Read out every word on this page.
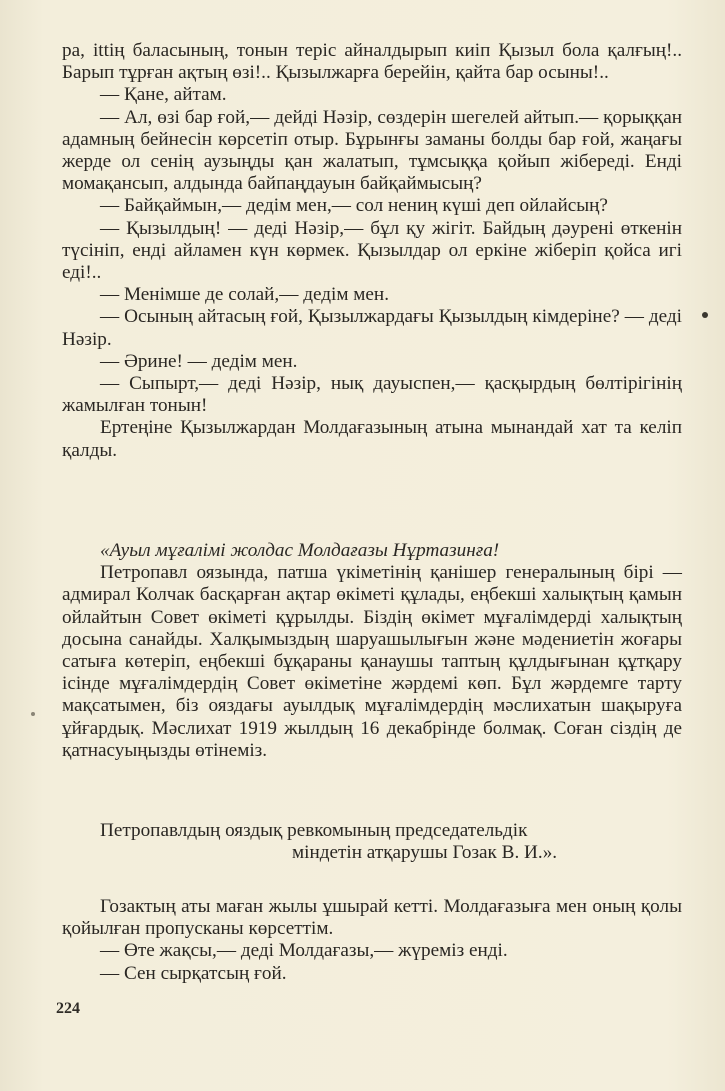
ра, ittiң баласының, тонын теріс айналдырып киіп Қызыл бола қалғың!.. Барып тұрған ақтың өзі!.. Қызылжарға берейін, қайта бар осыны!..

— Қане, айтам.

— Ал, өзі бар ғой,— дейді Нәзір, сөздерін шегелей айтып.— қорыққан адамның бейнесін көрсетіп отыр. Бұрынғы заманы болды бар ғой, жаңағы жерде ол сенің аузыңды қан жалатып, тұмсыққа қойып жібереді. Енді момақансып, алдында байпаңдауын байқаймысың?

— Байқаймын,— дедім мен,— сол нениң күші деп ойлайсың?

— Қызылдың! — деді Нәзір,— бұл қу жігіт. Байдың дәурені өткенін түсініп, енді айламен күн көрмек. Қызылдар ол еркіне жіберіп қойса игі еді!..

— Менімше де солай,— дедім мен.

— Осының айтасың ғой, Қызылжардағы Қызылдың кімдеріне? — деді Нәзір.

— Әрине! — дедім мен.

— Сыпырт,— деді Нәзір, нық дауыспен,— қасқырдың бөлтірігінің жамылған тонын!

Ертеңіне Қызылжардан Молдағазының атына мынандай хат та келіп қалды.

«Ауыл мұғалімі жолдас Молдағазы Нұртазинға!

Петропавл оязында, патша үкіметінің қанішер генералының бірі — адмирал Колчак басқарған ақтар өкіметі құлады, еңбекші халықтың қамын ойлайтын Совет өкіметі құрылды. Біздің өкімет мұғалімдерді халықтың досына санайды. Халқымыздың шаруашылығын және мәдениетін жоғары сатыға көтеріп, еңбекші бұқараны қанаушы таптың құлдығынан құтқару ісінде мұғалімдердің Совет өкіметіне жәрдемі көп. Бұл жәрдемге тарту мақсатымен, біз ояздағы ауылдық мұғалімдердің мәслихатын шақыруға ұйғардық. Мәслихат 1919 жылдың 16 декабрінде болмақ. Соған сіздің де қатнасуыңызды өтінеміз.

Петропавлдың ояздық ревкомының председательдік

міндетін атқарушы Гозак В. И.».

Гозактың аты маған жылы ұшырай кетті. Молдағазыға мен оның қолы қойылған пропусканы көрсеттім.

— Өте жақсы,— деді Молдағазы,— жүреміз енді.

— Сен сырқатсың ғой.

224
